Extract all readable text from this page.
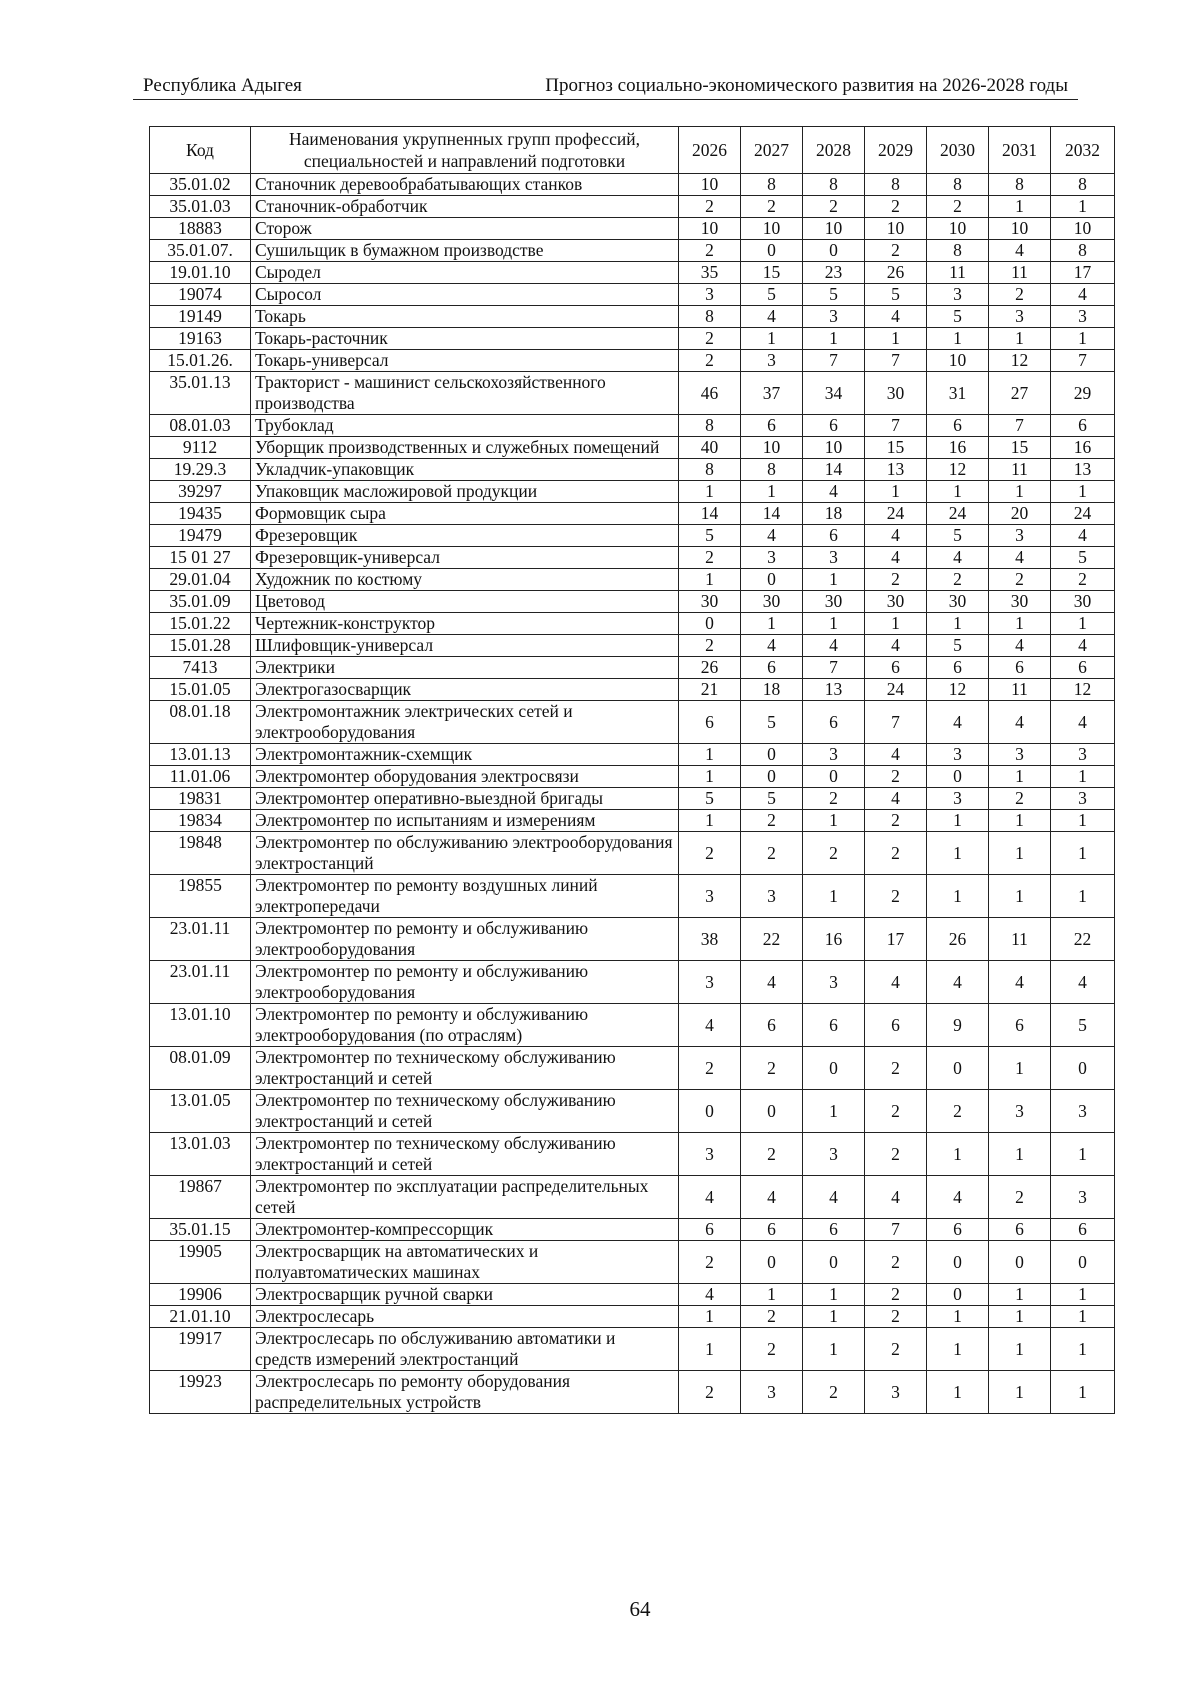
Республика Адыгея	Прогноз социально-экономического развития на 2026-2028 годы
Код	Наименования укрупненных групп профессий, специальностей и направлений подготовки	2026	2027	2028	2029	2030	2031	2032
35.01.02	Станочник деревообрабатывающих станков	10	8	8	8	8	8	8
35.01.03	Станочник-обработчик	2	2	2	2	2	1	1
18883	Сторож	10	10	10	10	10	10	10
35.01.07.	Сушильщик в бумажном производстве	2	0	0	2	8	4	8
19.01.10	Сыродел	35	15	23	26	11	11	17
19074	Сыросол	3	5	5	5	3	2	4
19149	Токарь	8	4	3	4	5	3	3
19163	Токарь-расточник	2	1	1	1	1	1	1
15.01.26.	Токарь-универсал	2	3	7	7	10	12	7
35.01.13	Тракторист - машинист сельскохозяйственного производства	46	37	34	30	31	27	29
08.01.03	Трубоклад	8	6	6	7	6	7	6
9112	Уборщик производственных и служебных помещений	40	10	10	15	16	15	16
19.29.3	Укладчик-упаковщик	8	8	14	13	12	11	13
39297	Упаковщик масложировой продукции	1	1	4	1	1	1	1
19435	Формовщик сыра	14	14	18	24	24	20	24
19479	Фрезеровщик	5	4	6	4	5	3	4
15 01 27	Фрезеровщик-универсал	2	3	3	4	4	4	5
29.01.04	Художник по костюму	1	0	1	2	2	2	2
35.01.09	Цветовод	30	30	30	30	30	30	30
15.01.22	Чертежник-конструктор	0	1	1	1	1	1	1
15.01.28	Шлифовщик-универсал	2	4	4	4	5	4	4
7413	Электрики	26	6	7	6	6	6	6
15.01.05	Электрогазосварщик	21	18	13	24	12	11	12
08.01.18	Электромонтажник электрических сетей и электрооборудования	6	5	6	7	4	4	4
13.01.13	Электромонтажник-схемщик	1	0	3	4	3	3	3
11.01.06	Электромонтер оборудования электросвязи	1	0	0	2	0	1	1
19831	Электромонтер оперативно-выездной бригады	5	5	2	4	3	2	3
19834	Электромонтер по испытаниям и измерениям	1	2	1	2	1	1	1
19848	Электромонтер по обслуживанию электрооборудования электростанций	2	2	2	2	1	1	1
19855	Электромонтер по ремонту воздушных линий электропередачи	3	3	1	2	1	1	1
23.01.11	Электромонтер по ремонту и обслуживанию электрооборудования	38	22	16	17	26	11	22
23.01.11	Электромонтер по ремонту и обслуживанию электрооборудования	3	4	3	4	4	4	4
13.01.10	Электромонтер по ремонту и обслуживанию электрооборудования (по отраслям)	4	6	6	6	9	6	5
08.01.09	Электромонтер по техническому обслуживанию электростанций и сетей	2	2	0	2	0	1	0
13.01.05	Электромонтер по техническому обслуживанию электростанций и сетей	0	0	1	2	2	3	3
13.01.03	Электромонтер по техническому обслуживанию электростанций и сетей	3	2	3	2	1	1	1
19867	Электромонтер по эксплуатации распределительных сетей	4	4	4	4	4	2	3
35.01.15	Электромонтер-компрессорщик	6	6	6	7	6	6	6
19905	Электросварщик на автоматических и полуавтоматических машинах	2	0	0	2	0	0	0
19906	Электросварщик ручной сварки	4	1	1	2	0	1	1
21.01.10	Электрослесарь	1	2	1	2	1	1	1
19917	Электрослесарь по обслуживанию автоматики и средств измерений электростанций	1	2	1	2	1	1	1
19923	Электрослесарь по ремонту оборудования распределительных устройств	2	3	2	3	1	1	1
64
